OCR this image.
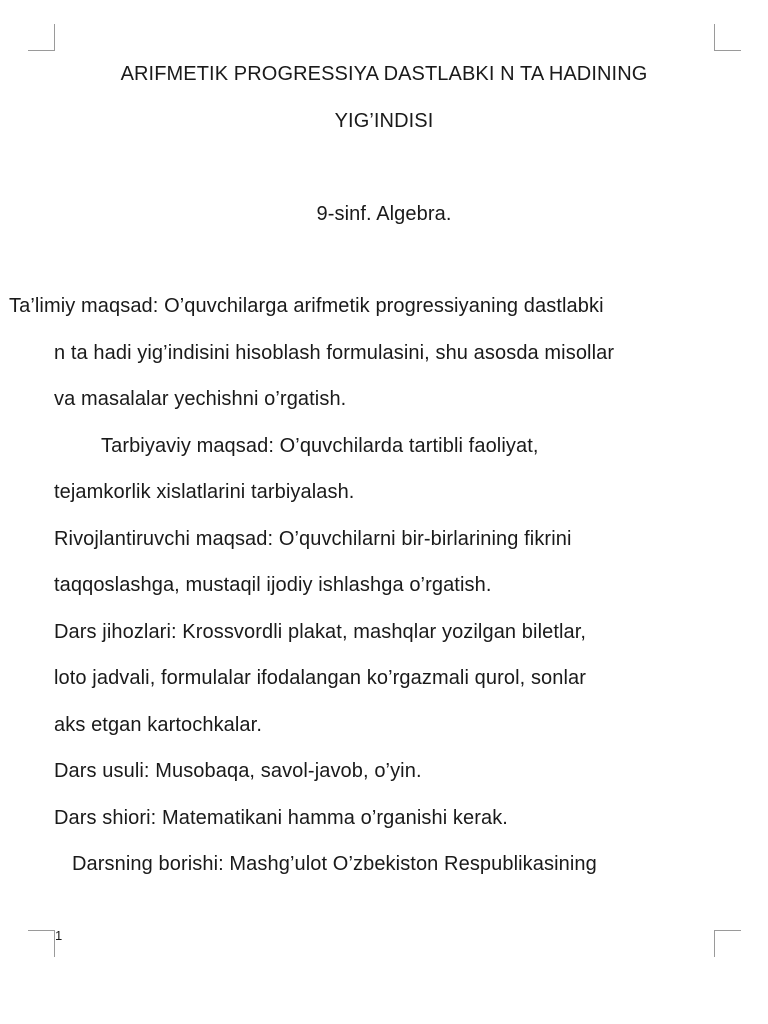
ARIFMETIK PROGRESSIYA DASTLABKI N TA HADINING
YIG’INDISI
9-sinf. Algebra.
Ta’limiy maqsad: O’quvchilarga arifmetik progressiyaning dastlabki
n ta hadi yig’indisini hisoblash formulasini, shu asosda misollar
va masalalar yechishni o’rgatish.
Tarbiyaviy maqsad: O’quvchilarda tartibli faoliyat,
tejamkorlik xislatlarini tarbiyalash.
Rivojlantiruvchi maqsad: O’quvchilarni bir-birlarining fikrini
taqqoslashga, mustaqil ijodiy ishlashga o’rgatish.
Dars jihozlari: Krossvordli plakat, mashqlar yozilgan biletlar,
loto jadvali, formulalar ifodalangan ko’rgazmali qurol, sonlar
aks etgan kartochkalar.
Dars usuli: Musobaqa, savol-javob, o’yin.
Dars shiori: Matematikani hamma o’rganishi kerak.
Darsning borishi: Mashg’ulot O’zbekiston Respublikasining
1
